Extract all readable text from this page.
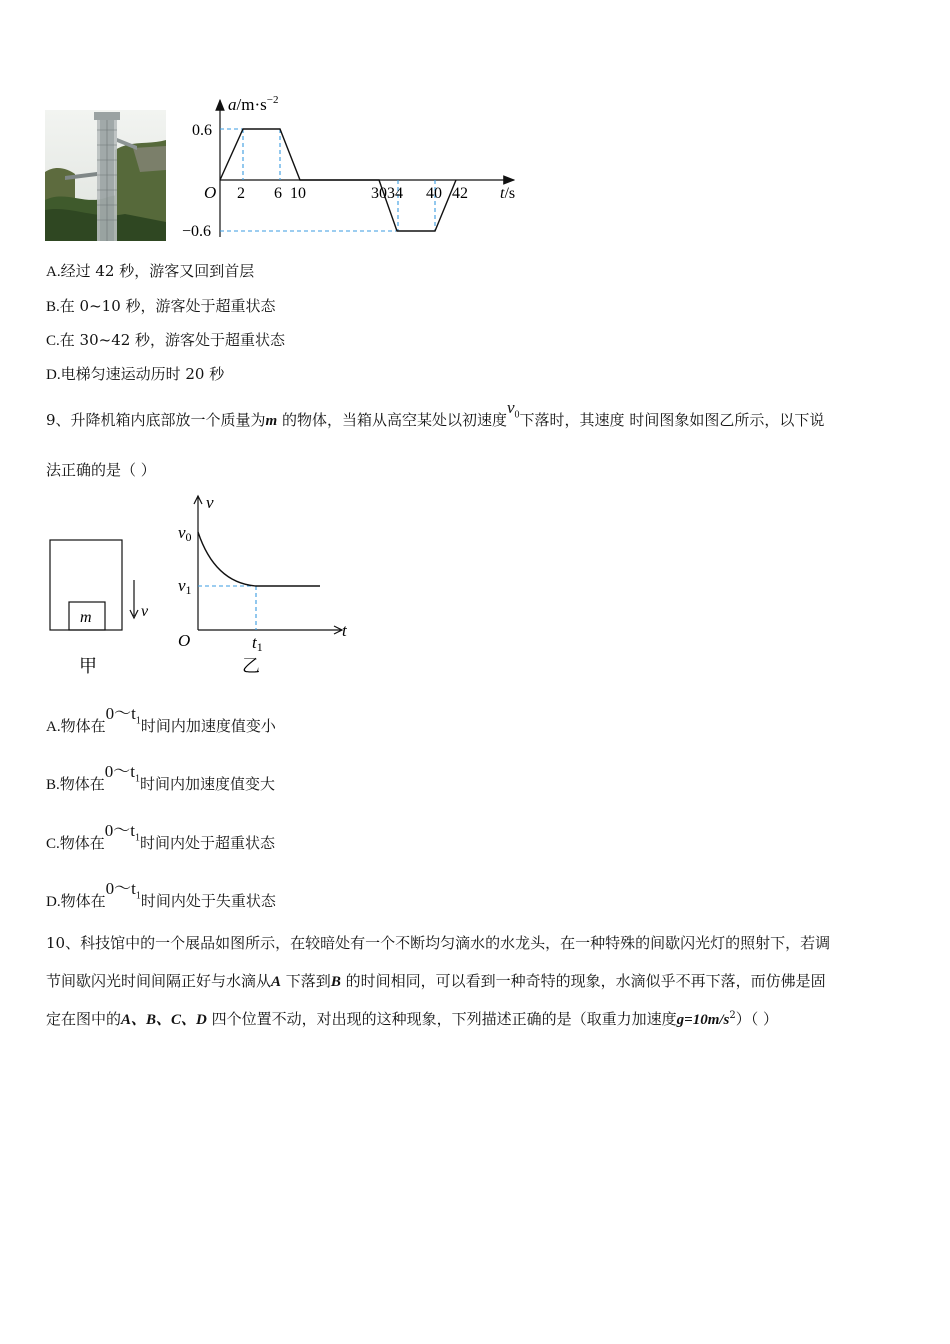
$a/m\cdot s^{-2}$
0.6
−0.6
O 2 6 10	3034 40 42 t/s
A.经过 42 秒，游客又回到首层
B.在 0~10 秒，游客处于超重状态
C.在 30~42 秒，游客处于超重状态
D.电梯匀速运动历时 20 秒
9、升降机箱内底部放一个质量为m 的物体，当箱从高空某处以初速度$v_0$下落时，其速度 时间图象如图乙所示，以下说
法正确的是（ ）
m	v
甲
v
t
v0
v1
O	t1
乙
A.物体在$0\sim t_1$时间内加速度值变小
B.物体在$0\sim t_1$时间内加速度值变大
C.物体在$0\sim t_1$时间内处于超重状态
D.物体在$0\sim t_1$时间内处于失重状态
10、科技馆中的一个展品如图所示，在较暗处有一个不断均匀滴水的水龙头，在一种特殊的间歇闪光灯的照射下，若调
节间歇闪光时间间隔正好与水滴从A 下落到B 的时间相同，可以看到一种奇特的现象，水滴似乎不再下落，而仿佛是固
定在图中的A、B、C、D 四个位置不动，对出现的这种现象，下列描述正确的是（取重力加速度$g=10m/s^2$）（ ）
